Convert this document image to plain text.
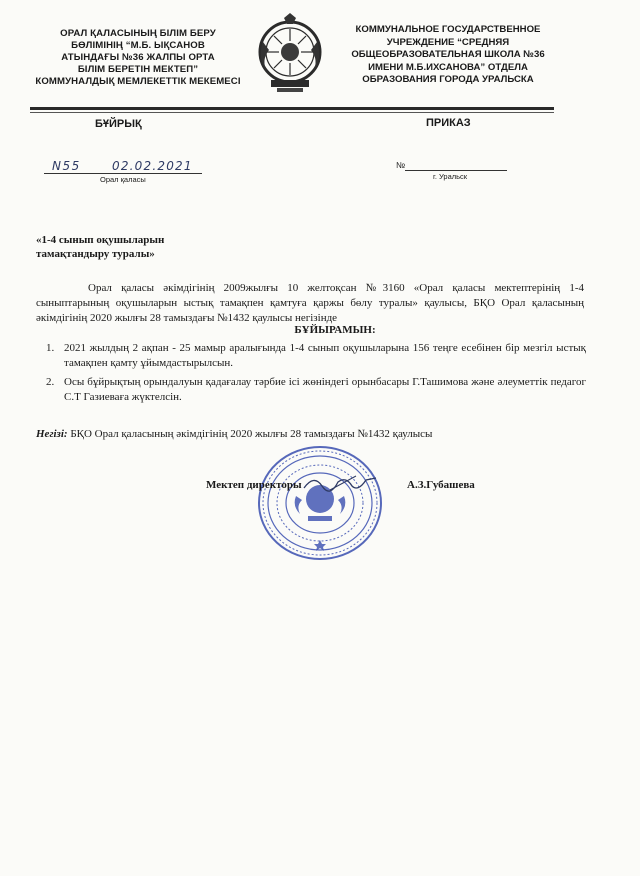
ОРАЛ ҚАЛАСЫНЫҢ БІЛІМ БЕРУ
БӨЛІМІНІҢ “М.Б. ЫҚСАНОВ
АТЫНДАҒЫ №36 ЖАЛПЫ ОРТА
БІЛІМ БЕРЕТІН МЕКТЕП”
КОММУНАЛДЫҚ МЕМЛЕКЕТТІК МЕКЕМЕСІ
КОММУНАЛЬНОЕ ГОСУДАРСТВЕННОЕ
УЧРЕЖДЕНИЕ “СРЕДНЯЯ
ОБЩЕОБРАЗОВАТЕЛЬНАЯ ШКОЛА №36
ИМЕНИ М.Б.ИХСАНОВА” ОТДЕЛА
ОБРАЗОВАНИЯ ГОРОДА УРАЛЬСКА
БҰЙРЫҚ	ПРИКАЗ
N55	02.02.2021
Орал қаласы
№
г. Уральск
«1-4 сынып оқушыларын
тамақтандыру туралы»

Орал қаласы әкімдігінің 2009жылғы 10 желтоқсан №3160 «Орал қаласы мектептерінің 1-4 сыныптарының оқушыларын ыстық тамақпен қамтуға қаржы бөлу туралы» қаулысы, БҚО Орал қаласының әкімдігінің 2020 жылғы 28 тамыздағы №1432 қаулысы негізінде

БҰЙЫРАМЫН:
1. 2021 жылдың 2 ақпан - 25 мамыр аралығында 1-4 сынып оқушыларына 156 теңге есебінен бір мезгіл ыстық тамақпен қамту ұйымдастырылсын.
2. Осы бұйрықтың орындалуын қадағалау тәрбие ісі жөніндегі орынбасары Г.Ташимова және әлеуметтік педагог С.Т Газиеваға жүктелсін.
Негізі: БҚО Орал қаласының әкімдігінің 2020 жылғы 28 тамыздағы №1432 қаулысы
Мектеп директоры	А.З.Губашева
